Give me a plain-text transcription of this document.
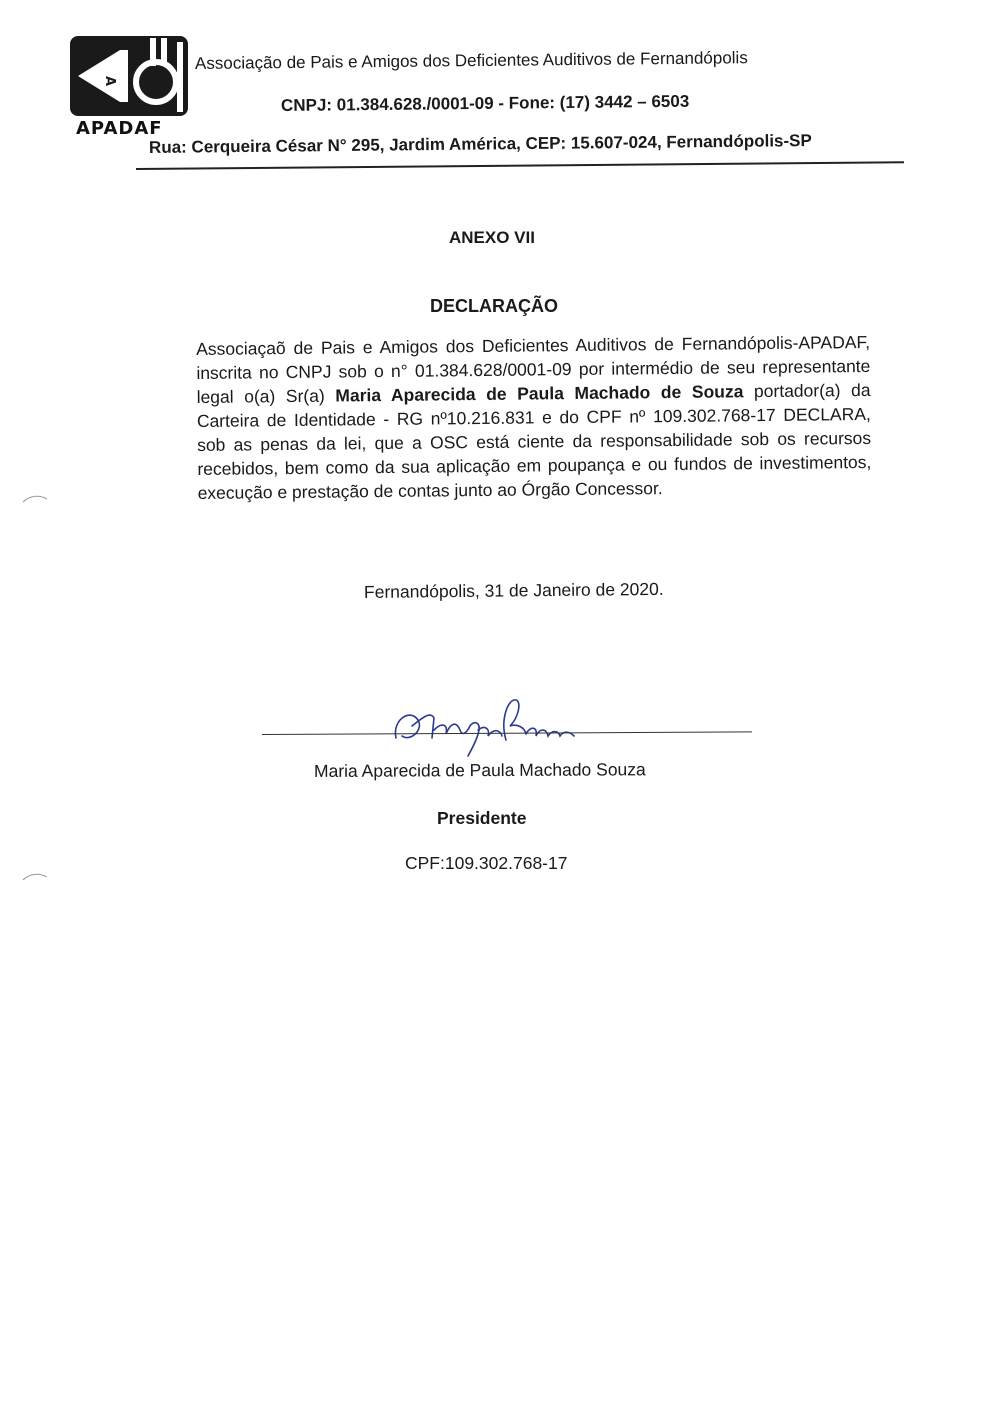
A
APADAF
Associação de Pais e Amigos dos Deficientes Auditivos de Fernandópolis
CNPJ: 01.384.628./0001-09 - Fone: (17) 3442 – 6503
Rua: Cerqueira César N° 295, Jardim América, CEP: 15.607-024, Fernandópolis-SP
ANEXO VII
DECLARAÇÃO
Associaçaõ de Pais e Amigos dos Deficientes Auditivos de Fernandópolis-APADAF, inscrita no CNPJ sob o n° 01.384.628/0001-09 por intermédio de seu representante legal o(a) Sr(a) Maria Aparecida de Paula Machado de Souza portador(a) da Carteira de Identidade - RG nº10.216.831 e do CPF nº 109.302.768-17 DECLARA, sob as penas da lei, que a OSC está ciente da responsabilidade sob os recursos recebidos, bem como da sua aplicação em poupança e ou fundos de investimentos, execução e prestação de contas junto ao Órgão Concessor.
Fernandópolis, 31 de Janeiro de 2020.
Maria Aparecida de Paula Machado Souza
Presidente
CPF:109.302.768-17
